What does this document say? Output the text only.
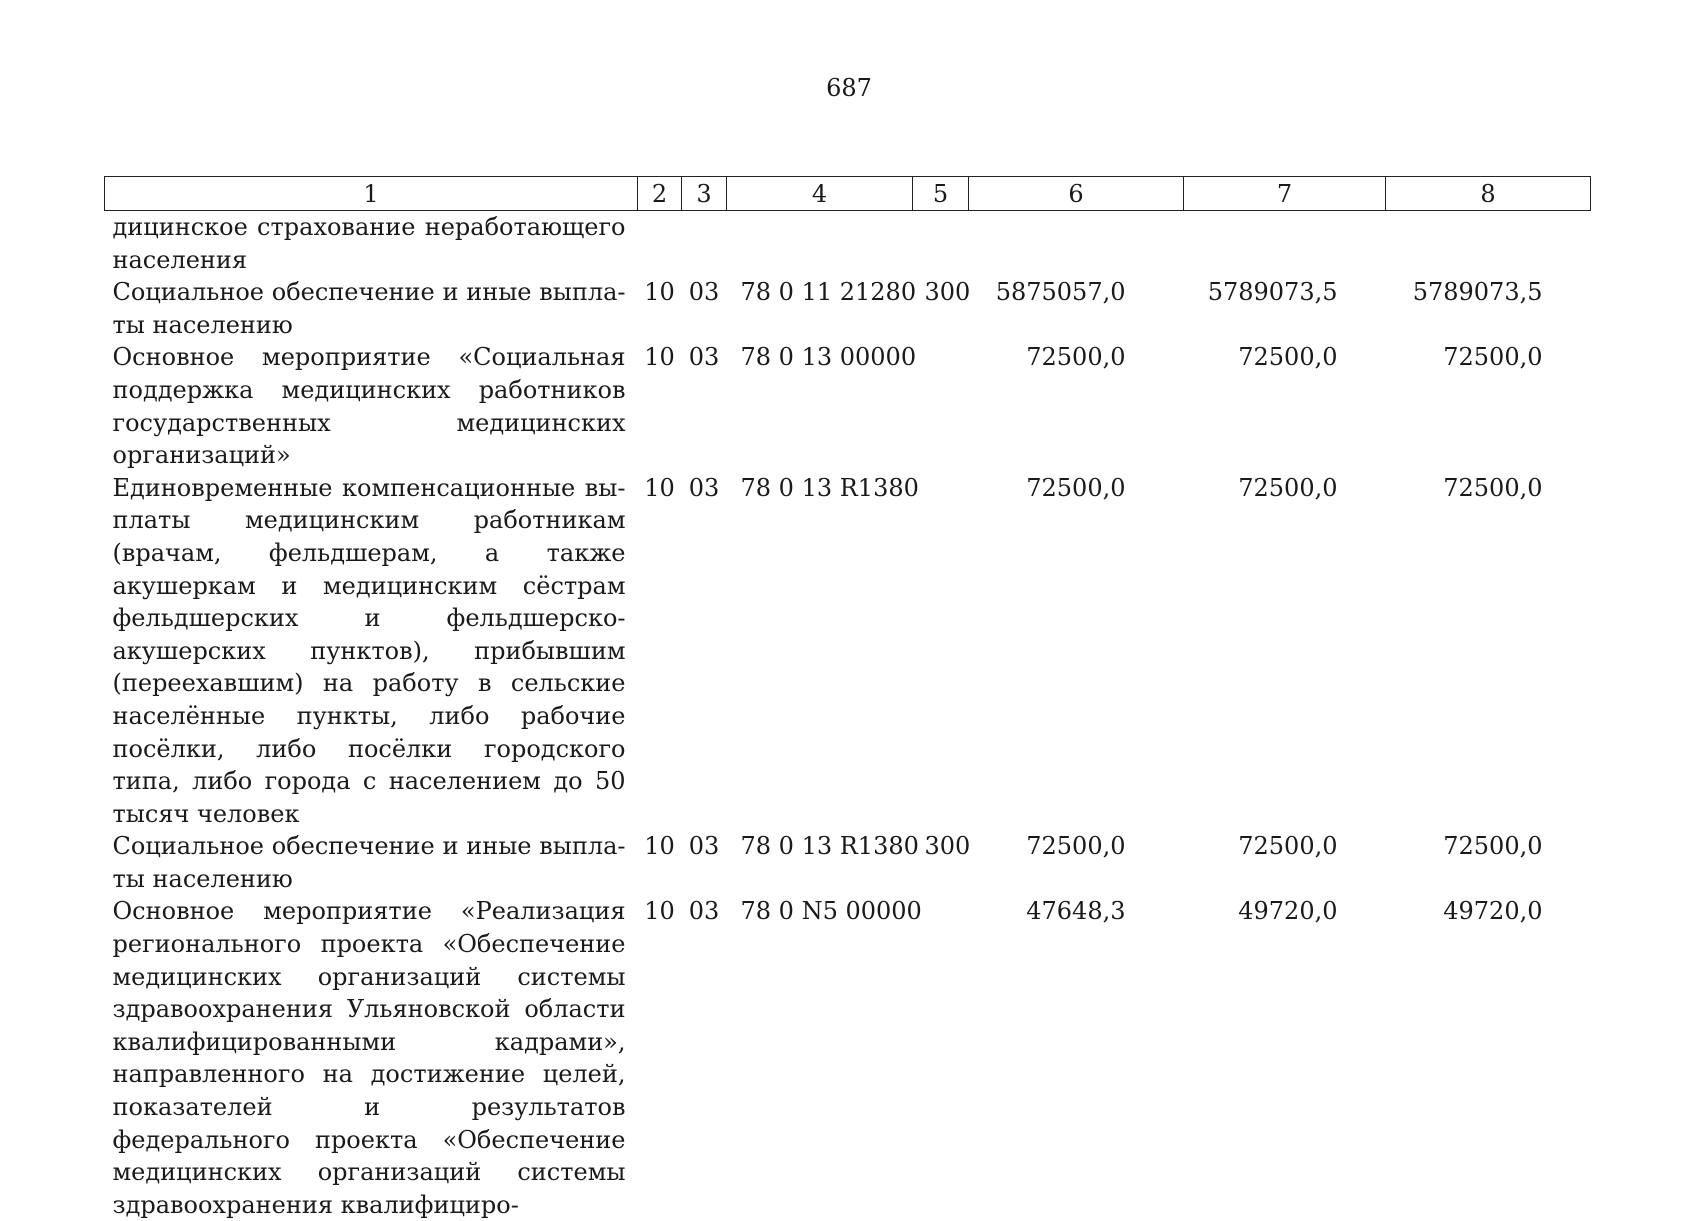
687
1	2	3	4	5	6	7	8
дицинское страхование неработающего населения							
Социальное обеспечение и иные выплаты населению	10	03	78 0 11 21280	300	5875057,0	5789073,5	5789073,5
Основное мероприятие «Социальная поддержка медицинских работников государственных медицинских организаций»	10	03	78 0 13 00000		72500,0	72500,0	72500,0
Единовременные компенсационные выплаты медицинским работникам (врачам, фельдшерам, а также акушеркам и медицинским сёстрам фельдшерских и фельдшерско-акушерских пунктов), прибывшим (переехавшим) на работу в сельские населённые пункты, либо рабочие посёлки, либо посёлки городского типа, либо города с населением до 50 тысяч человек	10	03	78 0 13 R1380		72500,0	72500,0	72500,0
Социальное обеспечение и иные выплаты населению	10	03	78 0 13 R1380	300	72500,0	72500,0	72500,0
Основное мероприятие «Реализация регионального проекта «Обеспечение медицинских организаций системы здравоохранения Ульяновской области квалифицированными кадрами», направленного на достижение целей, показателей и результатов федерального проекта «Обеспечение медицинских организаций системы здравоохранения квалифициро-	10	03	78 0 N5 00000		47648,3	49720,0	49720,0
